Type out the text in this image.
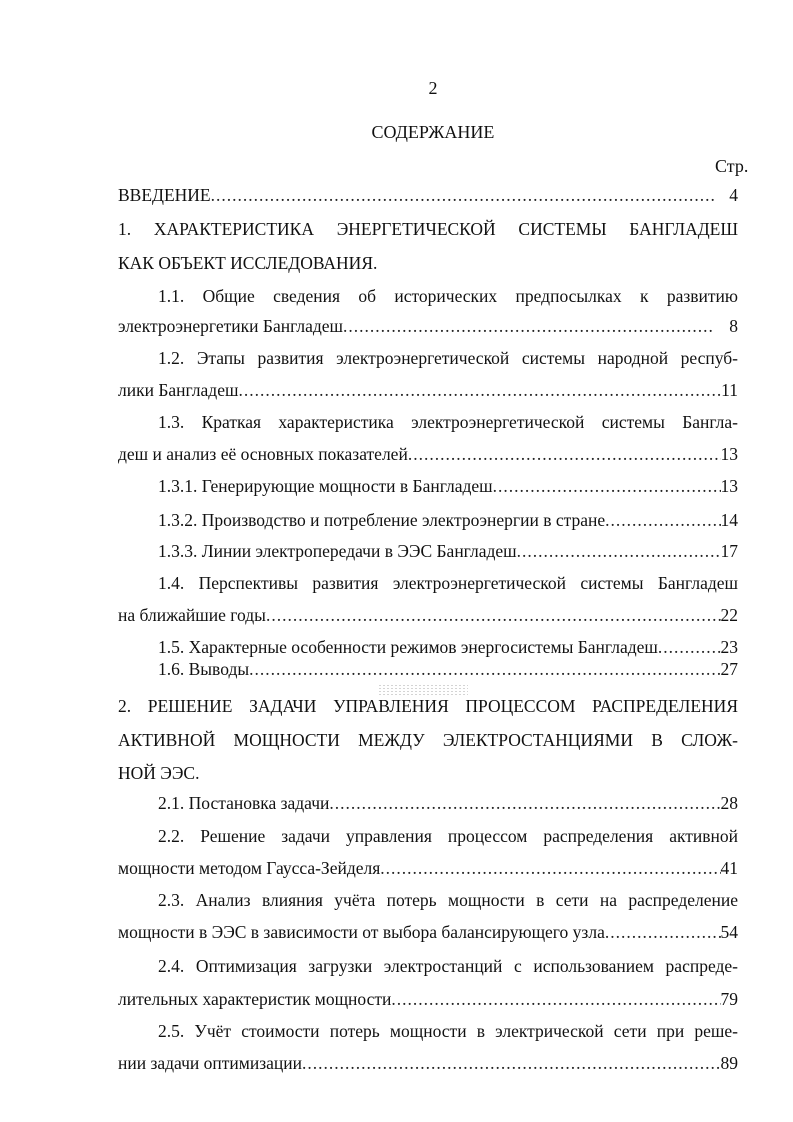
2
СОДЕРЖАНИЕ
Стр.
ВВЕДЕНИЕ .....	4
1. ХАРАКТЕРИСТИКА ЭНЕРГЕТИЧЕСКОЙ СИСТЕМЫ БАНГЛАДЕШ
КАК ОБЪЕКТ ИССЛЕДОВАНИЯ.
1.1. Общие сведения об исторических предпосылках к развитию
электроэнергетики Бангладеш .....	8
1.2. Этапы развития электроэнергетической системы народной респуб-
лики Бангладеш .....	11
1.3. Краткая характеристика электроэнергетической системы Бангла-
деш и анализ её основных показателей .....	13
1.3.1. Генерирующие мощности в Бангладеш .....	13
1.3.2. Производство и потребление электроэнергии в стране .....	14
1.3.3. Линии электропередачи в ЭЭС Бангладеш .....	17
1.4. Перспективы развития электроэнергетической системы Бангладеш
на ближайшие годы .....	22
1.5. Характерные особенности режимов энергосистемы Бангладеш .....	23
1.6. Выводы .....	27
2. РЕШЕНИЕ ЗАДАЧИ УПРАВЛЕНИЯ ПРОЦЕССОМ РАСПРЕДЕЛЕНИЯ
АКТИВНОЙ МОЩНОСТИ МЕЖДУ ЭЛЕКТРОСТАНЦИЯМИ В СЛОЖ-
НОЙ ЭЭС.
2.1. Постановка задачи .....	28
2.2. Решение задачи управления процессом распределения активной
мощности методом Гаусса-Зейделя .....	41
2.3. Анализ влияния учёта потерь мощности в сети на распределение
мощности в ЭЭС в зависимости от выбора балансирующего узла .....	54
2.4. Оптимизация загрузки электростанций с использованием распреде-
лительных характеристик мощности .....	79
2.5. Учёт стоимости потерь мощности в электрической сети при реше-
нии задачи оптимизации .....	89
